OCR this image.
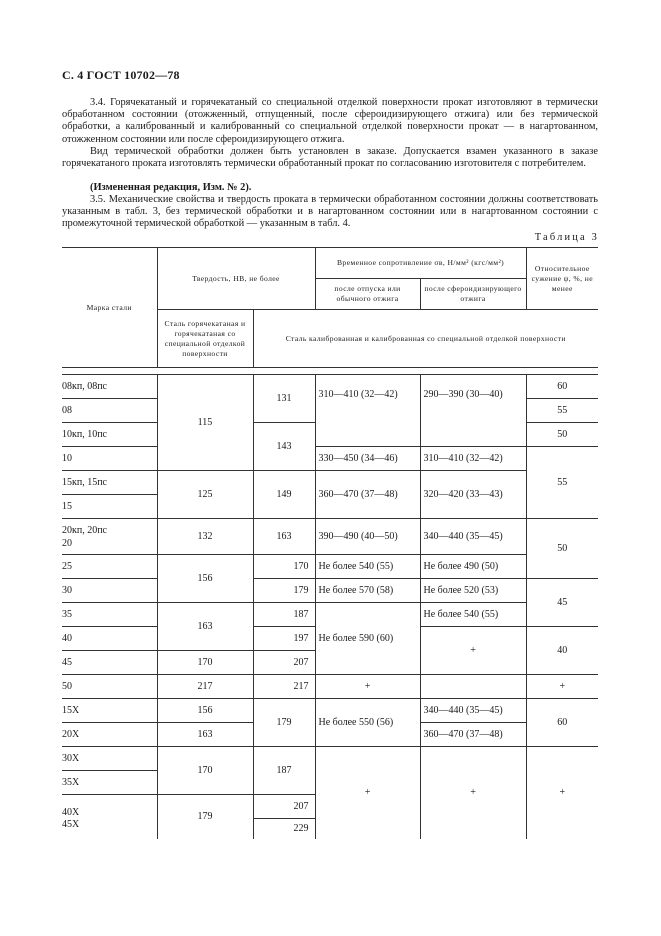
С. 4 ГОСТ 10702—78

3.4. Горячекатаный и горячекатаный со специальной отделкой поверхности прокат изготовляют в термически обработанном состоянии (отожженный, отпущенный, после сфероидизирующего отжига) или без термической обработки, а калиброванный и калиброванный со специальной отделкой поверхности прокат — в нагартованном, отожженном состоянии или после сфероидизирующего отжига.

Вид термической обработки должен быть установлен в заказе. Допускается взамен указанного в заказе горячекатаного проката изготовлять термически обработанный прокат по согласованию изготовителя с потребителем.

(Измененная редакция, Изм. № 2).

3.5. Механические свойства и твердость проката в термически обработанном состоянии должны соответствовать указанным в табл. 3, без термической обработки и в нагартованном состоянии или в нагартованном состоянии с промежуточной термической обработкой — указанным в табл. 4.

Таблица 3
Марка стали	Твердость, НВ, не более		Временное сопротивление σв, Н/мм² (кгс/мм²)		Относительное сужение ψ, %, не менее
			после отпуска или обычного отжига	после сфероидизирующего отжига	
	Сталь горячекатаная и горячекатаная со специальной отделкой поверхности	Сталь калиброванная и калиброванная со специальной отделкой поверхности			

08кп, 08пс	115	131	310—410 (32—42)	290—390 (30—40)	60
08					55
10кп, 10пс		143			50
10			330—450 (34—46)	310—410 (32—42)	55
15кп, 15пс	125	149	360—470 (37—48)	320—420 (33—43)	
15					
20кп, 20пс
20	132	163	390—490 (40—50)	340—440 (35—45)	50
25	156	170	Не более 540 (55)	Не более 490 (50)	
30		179	Не более 570 (58)	Не более 520 (53)	45
35	163	187	Не более 590 (60)	Не более 540 (55)	
40		197		+	40
45	170	207			
50	217	217	+		+
15Х	156	179	Не более 550 (56)	340—440 (35—45)	60
20Х	163			360—470 (37—48)	
30Х	170	187	+	+	+
35Х					
40Х	179	207			
45Х		229			
